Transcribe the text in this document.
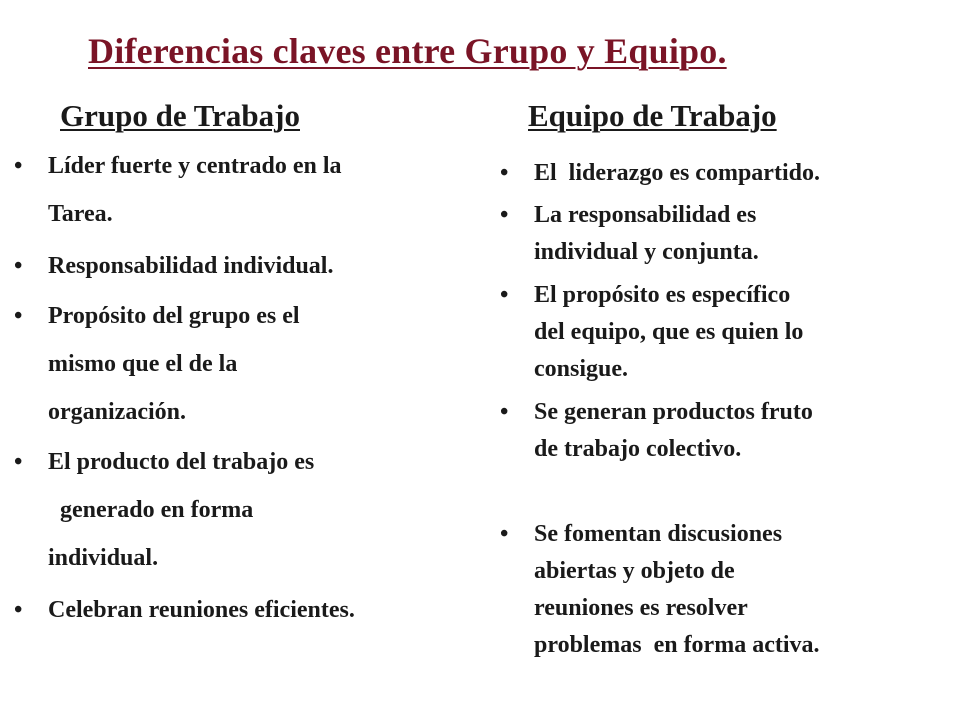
Diferencias claves entre Grupo y Equipo.
Grupo de Trabajo	Equipo de Trabajo
•	Líder fuerte y centrado en la
Tarea.
•	Responsabilidad individual.
•	Propósito del grupo es el
mismo que el de la
organización.
•	El producto del trabajo es
generado en forma
individual.
•	Celebran reuniones eficientes.
•	El  liderazgo es compartido.
•	La responsabilidad es
individual y conjunta.
•	El propósito es específico
del equipo, que es quien lo
consigue.
•	Se generan productos fruto
de trabajo colectivo.
•	Se fomentan discusiones
abiertas y objeto de
reuniones es resolver
problemas  en forma activa.
